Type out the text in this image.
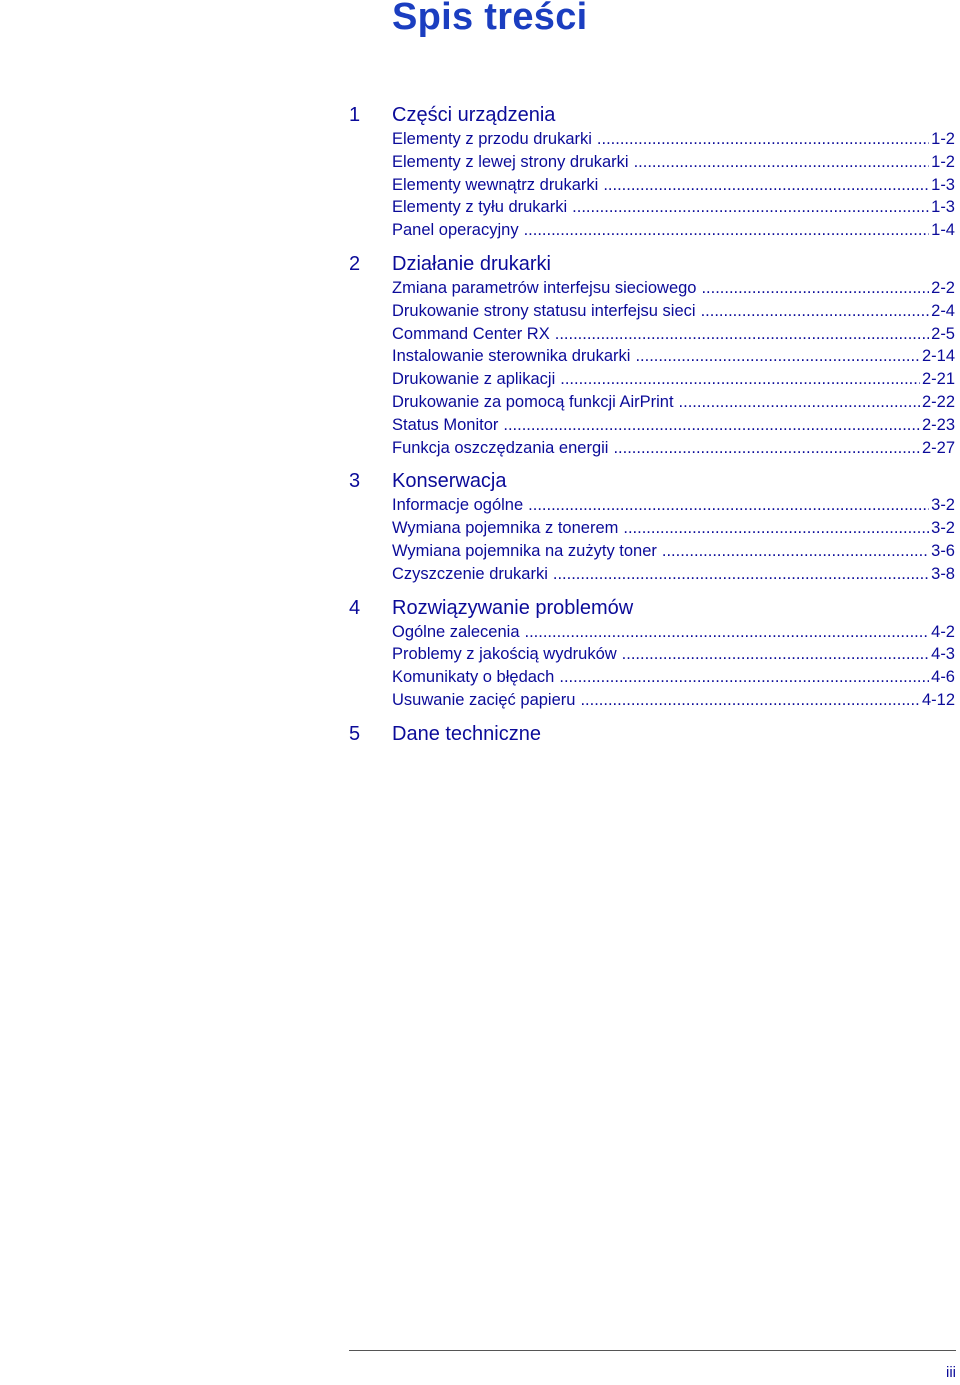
Spis treści
1	Części urządzenia
Elementy z przodu drukarki .....	1-2
Elementy z lewej strony drukarki .....	1-2
Elementy wewnątrz drukarki .....	1-3
Elementy z tyłu drukarki .....	1-3
Panel operacyjny .....	1-4
2	Działanie drukarki
Zmiana parametrów interfejsu sieciowego .....	2-2
Drukowanie strony statusu interfejsu sieci .....	2-4
Command Center RX .....	2-5
Instalowanie sterownika drukarki .....	2-14
Drukowanie z aplikacji .....	2-21
Drukowanie za pomocą funkcji AirPrint .....	2-22
Status Monitor .....	2-23
Funkcja oszczędzania energii .....	2-27
3	Konserwacja
Informacje ogólne .....	3-2
Wymiana pojemnika z tonerem .....	3-2
Wymiana pojemnika na zużyty toner .....	3-6
Czyszczenie drukarki .....	3-8
4	Rozwiązywanie problemów
Ogólne zalecenia .....	4-2
Problemy z jakością wydruków .....	4-3
Komunikaty o błędach .....	4-6
Usuwanie zacięć papieru .....	4-12
5	Dane techniczne
iii
